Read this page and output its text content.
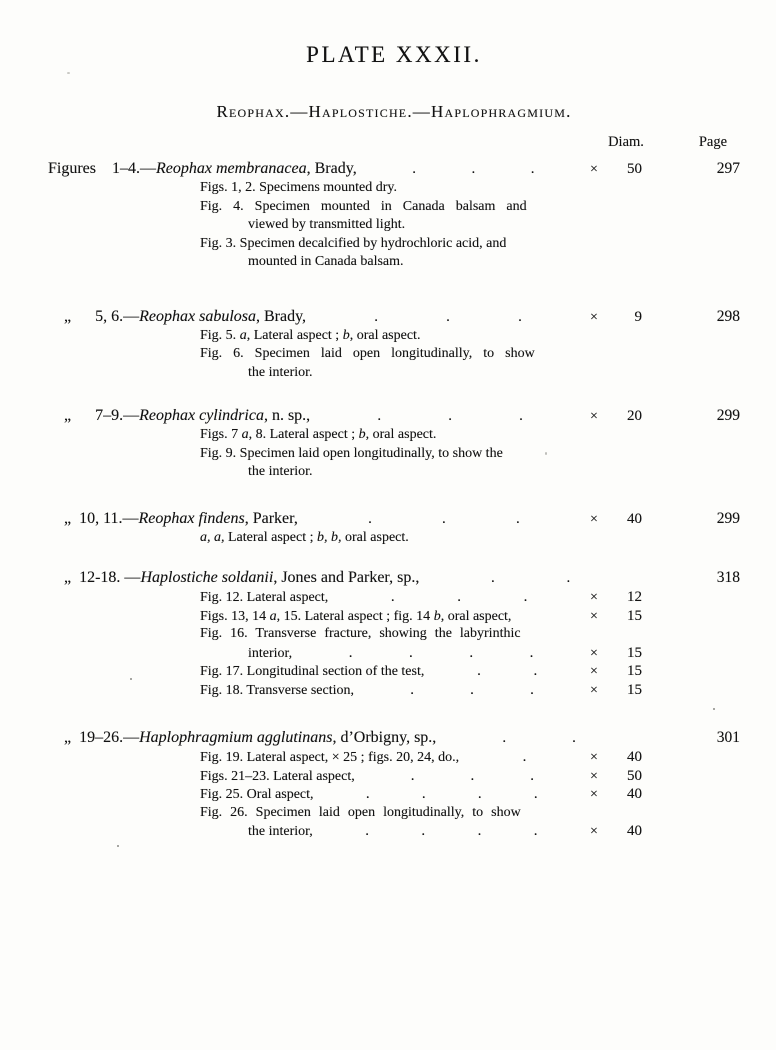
PLATE XXXII.
Reophax.—Haplostiche.—Haplophragmium.
Diam.	Page
Figures  1–4.—Reophax membranacea, Brady,	.	.	.	× 50	297
Figs. 1, 2. Specimens mounted dry.
Fig. 4. Specimen mounted in Canada balsam and
viewed by transmitted light.
Fig. 3. Specimen decalcified by hydrochloric acid, and
mounted in Canada balsam.
  „   5, 6.—Reophax sabulosa, Brady,	.	.	.	× 9	298
Fig. 5. a, Lateral aspect ; b, oral aspect.
Fig. 6. Specimen laid open longitudinally, to show
the interior.
  „   7–9.—Reophax cylindrica, n. sp.,	.	.	.	× 20	299
Figs. 7 a, 8. Lateral aspect ; b, oral aspect.
Fig. 9. Specimen laid open longitudinally, to show the
the interior.
  „ 10, 11.—Reophax findens, Parker,	.	.	.	× 40	299
a, a, Lateral aspect ; b, b, oral aspect.
  „ 12-18. —Haplostiche soldanii, Jones and Parker, sp.,	.	.	318
Fig. 12. Lateral aspect,	.	.	.	× 12
Figs. 13, 14 a, 15. Lateral aspect ; fig. 14 b, oral aspect,	× 15
Fig. 16. Transverse fracture, showing the labyrinthic
interior,	.	.	.	.	× 15
Fig. 17. Longitudinal section of the test,	.	.	× 15
Fig. 18. Transverse section,	.	.	.	× 15
  „ 19–26.—Haplophragmium agglutinans, d’Orbigny, sp.,	.	.	301
Fig. 19. Lateral aspect, × 25 ; figs. 20, 24, do.,	.	× 40
Figs. 21–23. Lateral aspect,	.	.	.	× 50
Fig. 25. Oral aspect,	.	.	.	.	× 40
Fig. 26. Specimen laid open longitudinally, to show
the interior,	.	.	.	.	× 40
